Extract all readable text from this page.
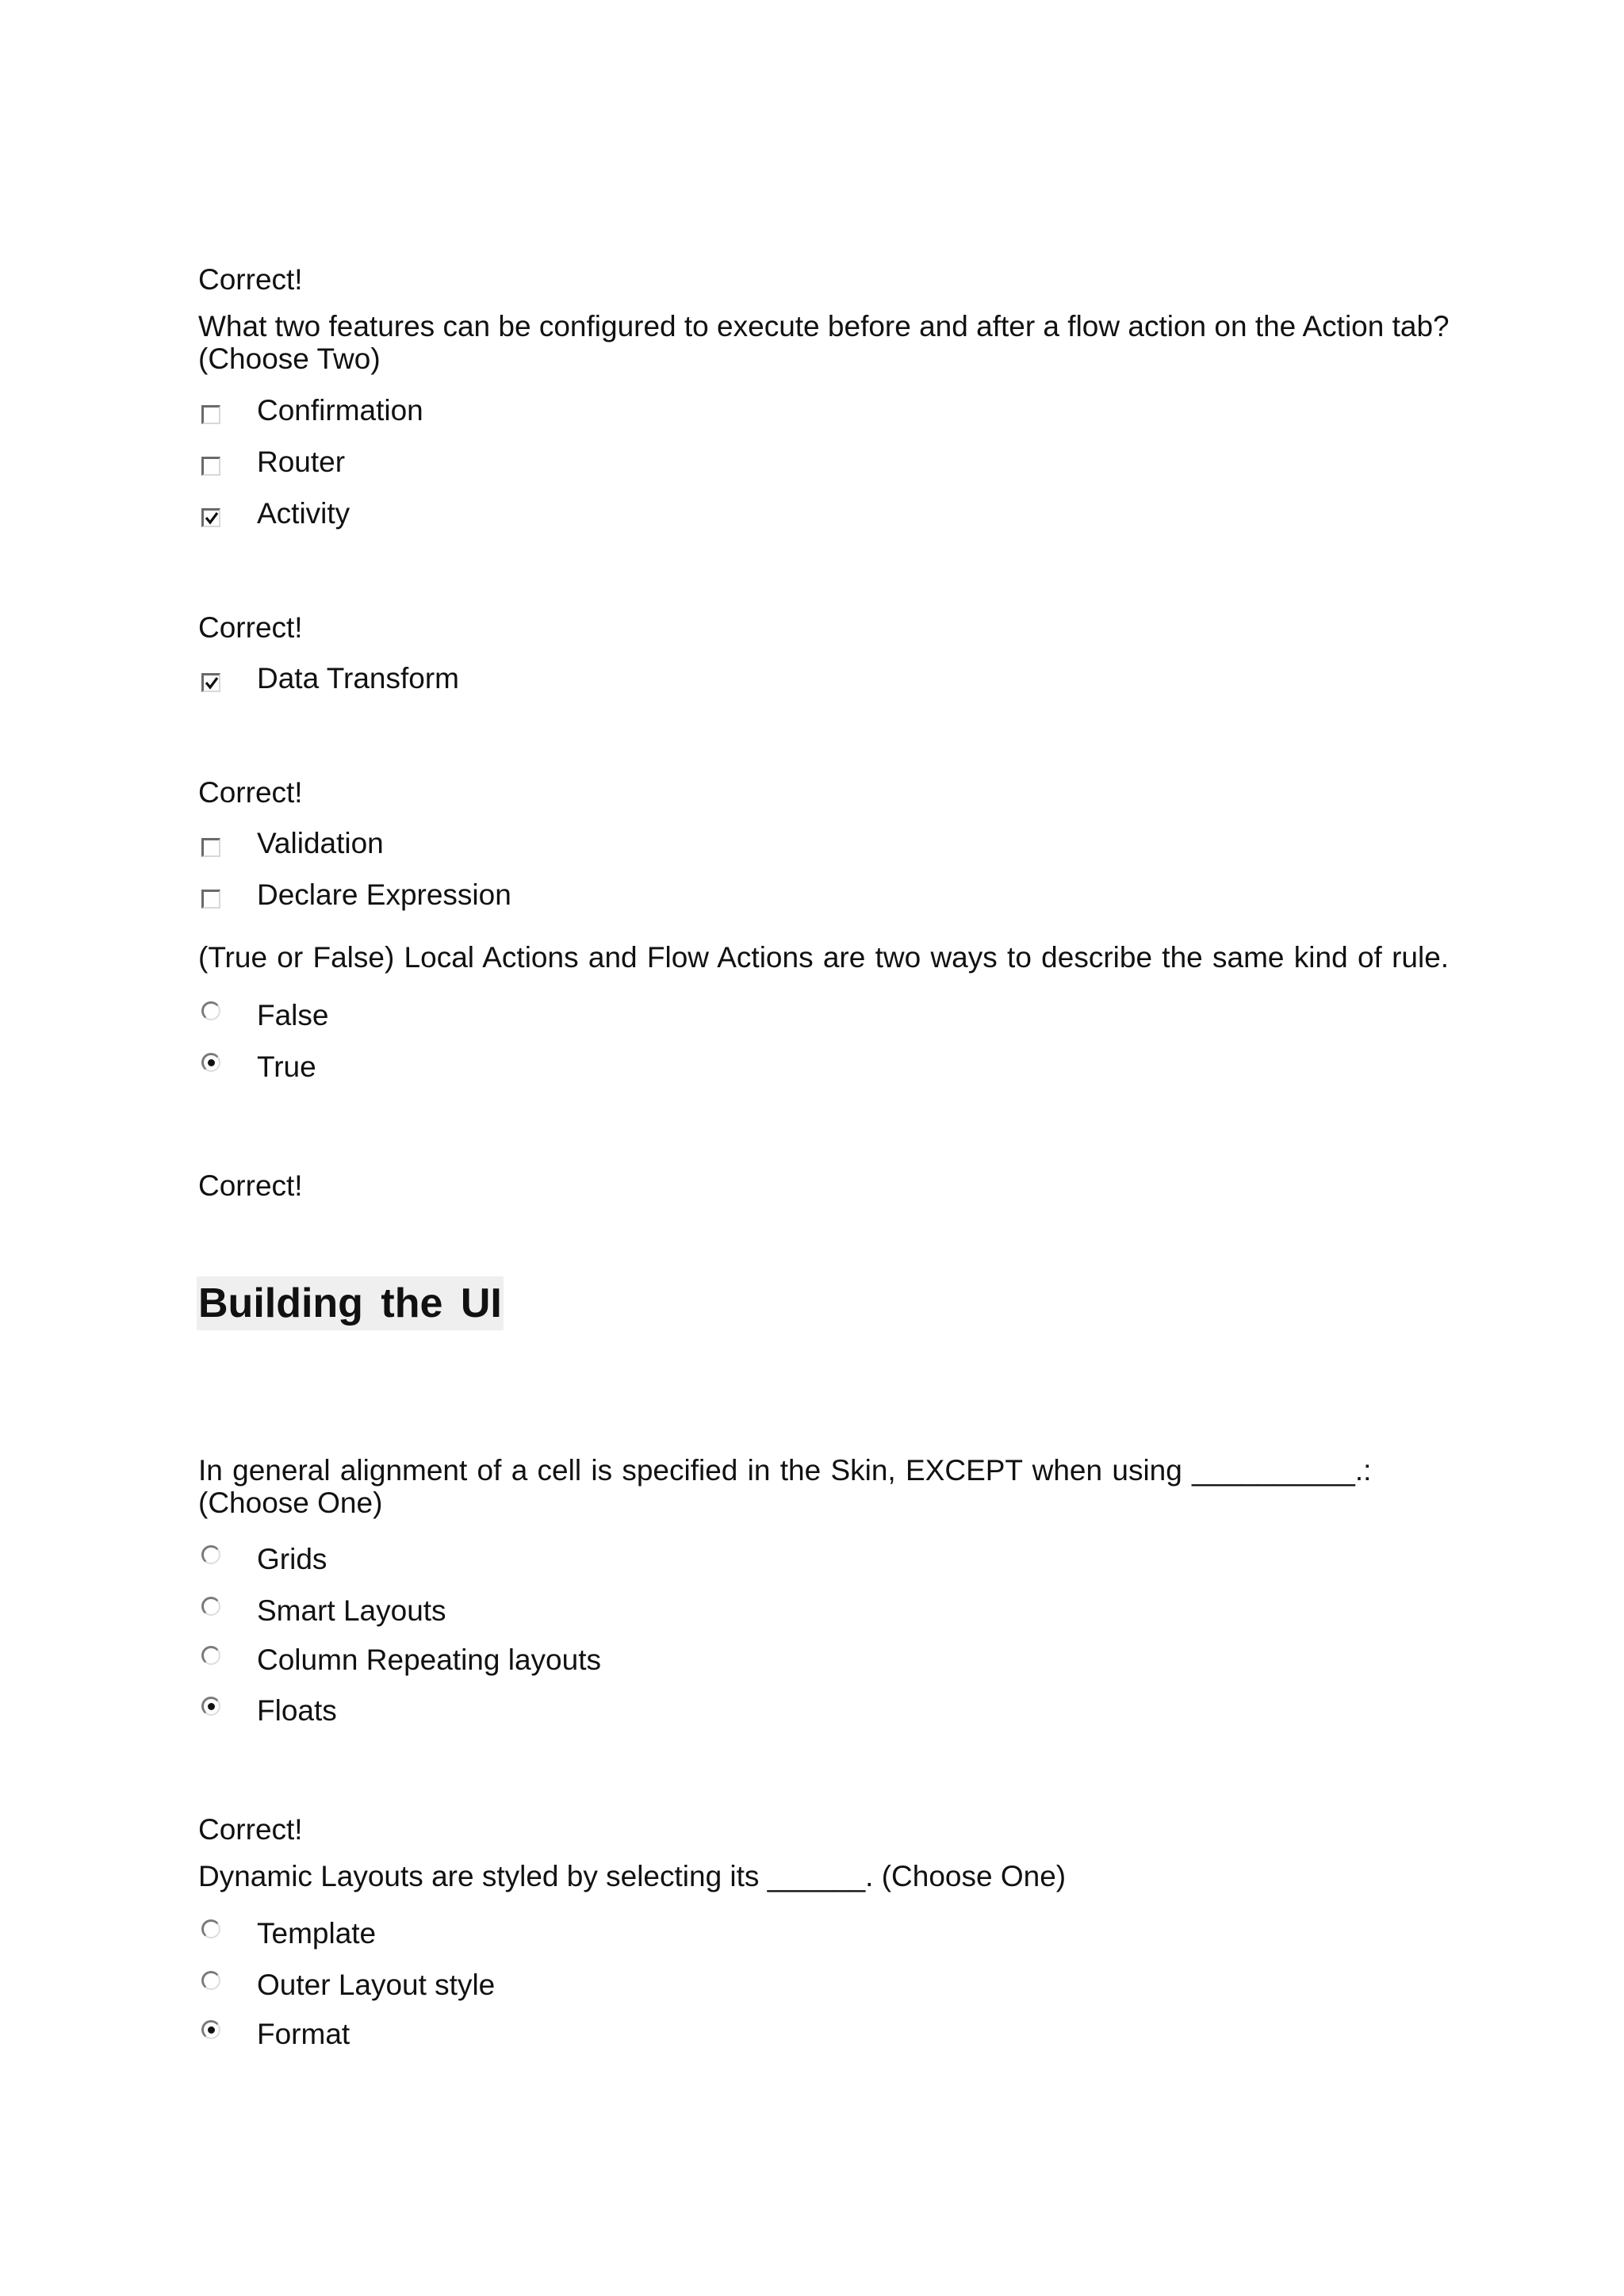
Correct!
What two features can be configured to execute before and after a flow action on the Action tab?
(Choose Two)
Confirmation
Router
Activity
Correct!
Data Transform
Correct!
Validation
Declare Expression
(True or False) Local Actions and Flow Actions are two ways to describe the same kind of rule.
False
True
Correct!
Building the UI
In general alignment of a cell is specified in the Skin, EXCEPT when using __________.:
(Choose One)
Grids
Smart Layouts
Column Repeating layouts
Floats
Correct!
Dynamic Layouts are styled by selecting its ______. (Choose One)
Template
Outer Layout style
Format
